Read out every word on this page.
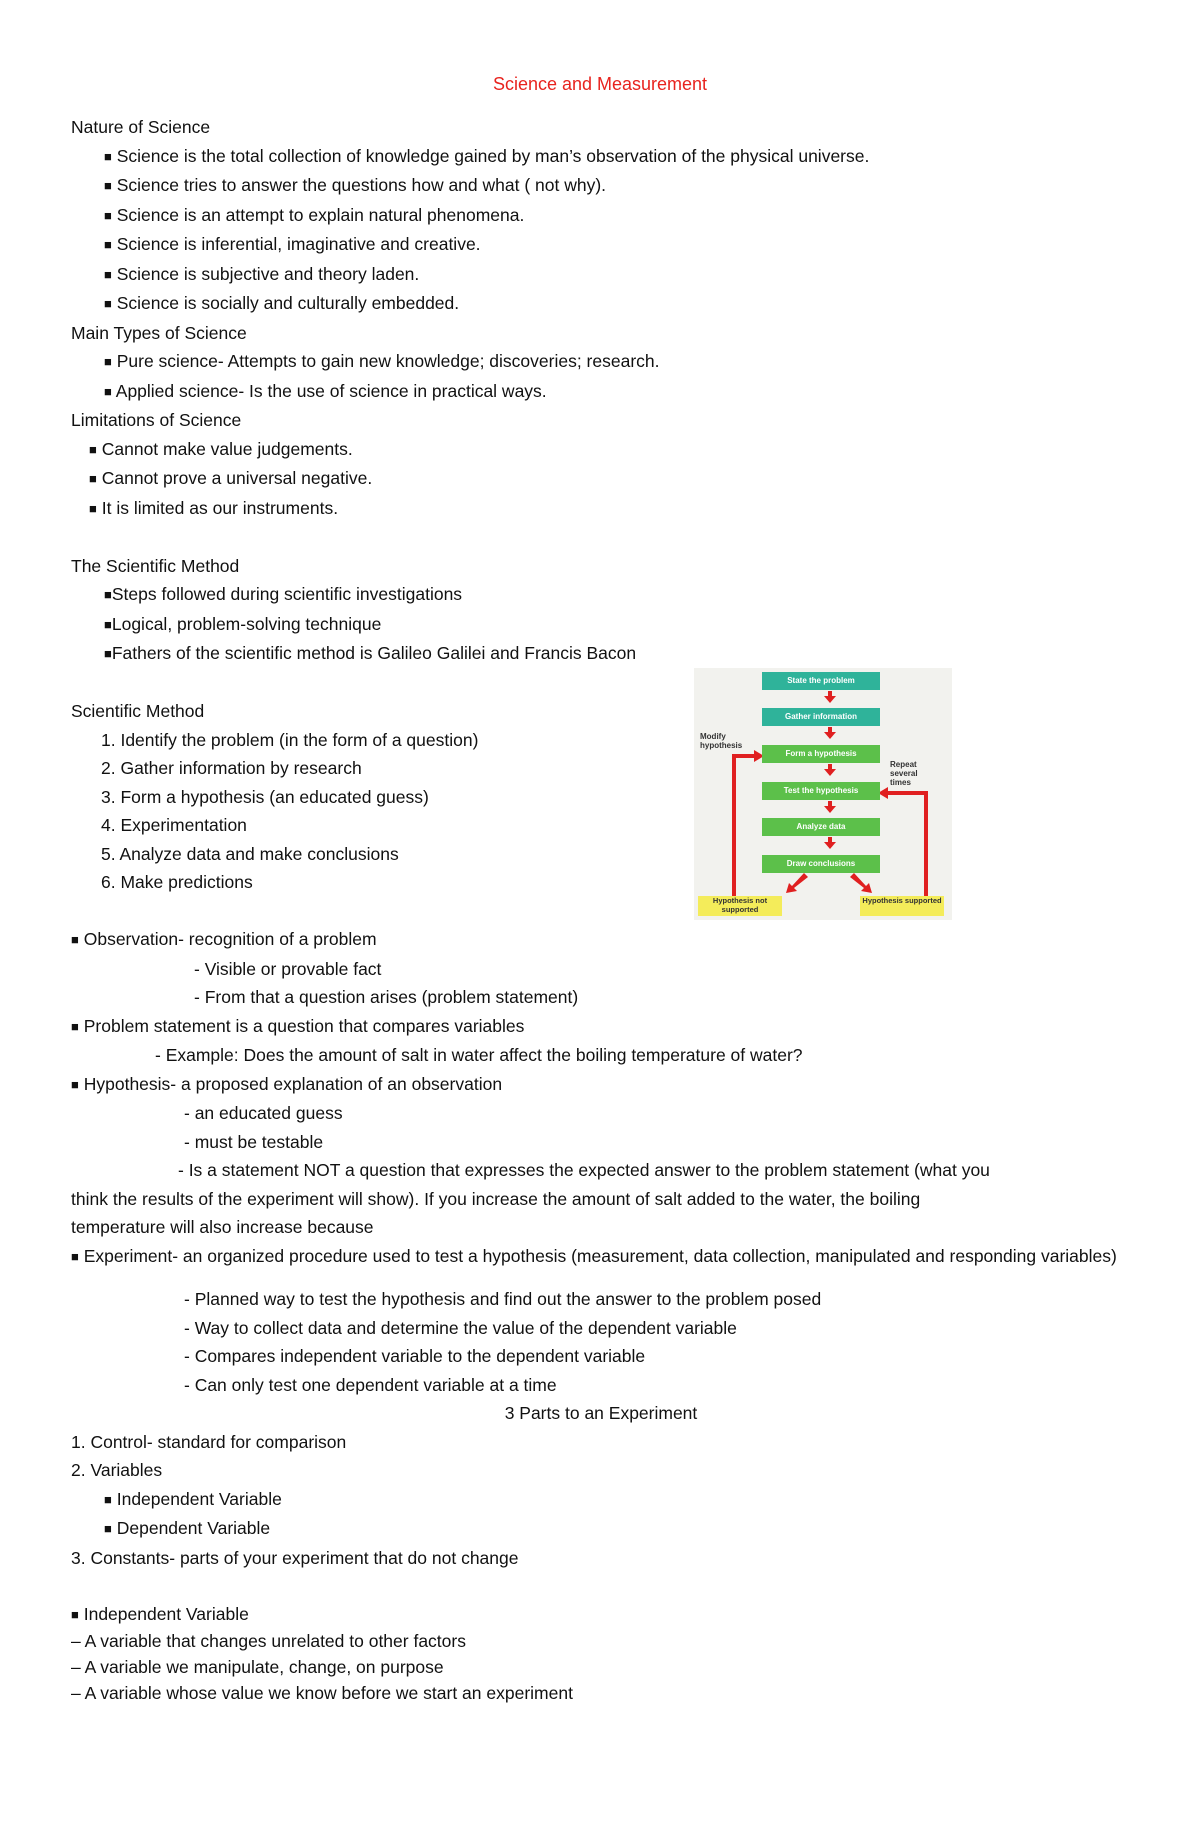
Science and Measurement
Nature of Science
■ Science is the total collection of knowledge gained by man’s observation of the physical universe.
■ Science tries to answer the questions how and what ( not why).
■ Science is an attempt to explain natural phenomena.
■ Science is inferential, imaginative and creative.
■ Science is subjective and theory laden.
■ Science is socially and culturally embedded.
Main Types of Science
■ Pure science- Attempts to gain new knowledge; discoveries; research.
■ Applied science- Is the use of science in practical ways.
Limitations of Science
■ Cannot make value judgements.
■ Cannot prove a universal negative.
■ It is limited as our instruments.
The Scientific Method
■Steps followed during scientific investigations
■Logical, problem-solving technique
■Fathers of the scientific method is Galileo Galilei and Francis Bacon
Scientific Method
1. Identify the problem (in the form of a question)
2. Gather information by research
3. Form a hypothesis (an educated guess)
4. Experimentation
5. Analyze data and make conclusions
6. Make predictions
■ Observation- recognition of a problem
- Visible or provable fact
- From that a question arises (problem statement)
■ Problem statement is a question that compares variables
- Example: Does the amount of salt in water affect the boiling temperature of water?
■ Hypothesis- a proposed explanation of an observation
- an educated guess
- must be testable
- Is a statement NOT a question that expresses the expected answer to the problem statement (what you
think the results of the experiment will show). If you increase the amount of salt added to the water, the boiling
temperature will also increase because
■ Experiment- an organized procedure used to test a hypothesis (measurement, data collection, manipulated and responding variables)
- Planned way to test the hypothesis and find out the answer to the problem posed
- Way to collect data and determine the value of the dependent variable
- Compares independent variable to the dependent variable
- Can only test one dependent variable at a time
3 Parts to an Experiment
1. Control- standard for comparison
2. Variables
■ Independent Variable
■ Dependent Variable
3. Constants- parts of your experiment that do not change
■ Independent Variable
– A variable that changes unrelated to other factors
– A variable we manipulate, change, on purpose
– A variable whose value we know before we start an experiment
State the problem
Gather information
Form a hypothesis
Test the hypothesis
Analyze data
Draw conclusions
Hypothesis not supported
Hypothesis supported
Modify hypothesis
Repeat several times
